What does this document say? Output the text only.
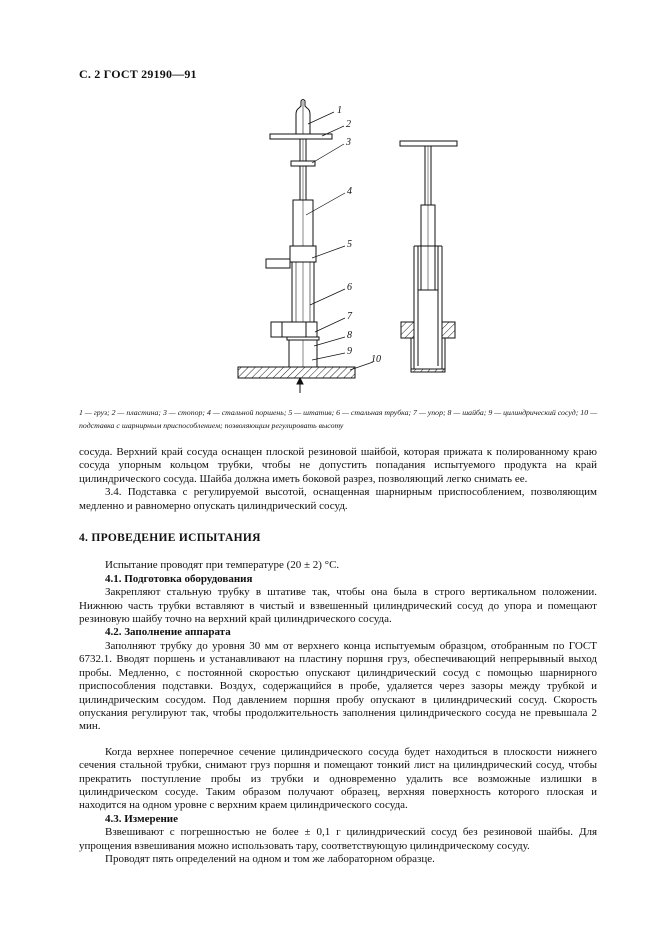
С. 2 ГОСТ 29190—91
1
2
3
4
5
6
7
8
9
10
1 — груз; 2 — пластина; 3 — стопор; 4 — стальной поршень; 5 — штатив; 6 — стальная трубка; 7 — упор; 8 — шайба; 9 — цилиндрический сосуд; 10 — подставка с шарнирным приспособлением; позволяющим регулировать высоту

сосуда. Верхний край сосуда оснащен плоской резиновой шайбой, которая прижата к полированному краю сосуда упорным кольцом трубки, чтобы не допустить попадания испытуемого продукта на край цилиндрического сосуда. Шайба должна иметь боковой разрез, позволяющий легко снимать ее.

3.4. Подставка с регулируемой высотой, оснащенная шарнирным приспособлением, позволяющим медленно и равномерно опускать цилиндрический сосуд.

4. ПРОВЕДЕНИЕ ИСПЫТАНИЯ

Испытание проводят при температуре (20 ± 2) °С.

4.1. Подготовка оборудования

Закрепляют стальную трубку в штативе так, чтобы она была в строго вертикальном положении. Нижнюю часть трубки вставляют в чистый и взвешенный цилиндрический сосуд до упора и помещают резиновую шайбу точно на верхний край цилиндрического сосуда.

4.2. Заполнение аппарата

Заполняют трубку до уровня 30 мм от верхнего конца испытуемым образцом, отобранным по ГОСТ 6732.1. Вводят поршень и устанавливают на пластину поршня груз, обеспечивающий непрерывный выход пробы. Медленно, с постоянной скоростью опускают цилиндрический сосуд с помощью шарнирного приспособления подставки. Воздух, содержащийся в пробе, удаляется через зазоры между трубкой и цилиндрическим сосудом. Под давлением поршня пробу опускают в цилиндрический сосуд. Скорость опускания регулируют так, чтобы продолжительность заполнения цилиндрического сосуда не превышала 2 мин.

Когда верхнее поперечное сечение цилиндрического сосуда будет находиться в плоскости нижнего сечения стальной трубки, снимают груз поршня и помещают тонкий лист на цилиндрический сосуд, чтобы прекратить поступление пробы из трубки и одновременно удалить все возможные излишки в цилиндрическом сосуде. Таким образом получают образец, верхняя поверхность которого плоская и находится на одном уровне с верхним краем цилиндрического сосуда.

4.3. Измерение

Взвешивают с погрешностью не более ± 0,1 г цилиндрический сосуд без резиновой шайбы. Для упрощения взвешивания можно использовать тару, соответствующую цилиндрическому сосуду.

Проводят пять определений на одном и том же лабораторном образце.
